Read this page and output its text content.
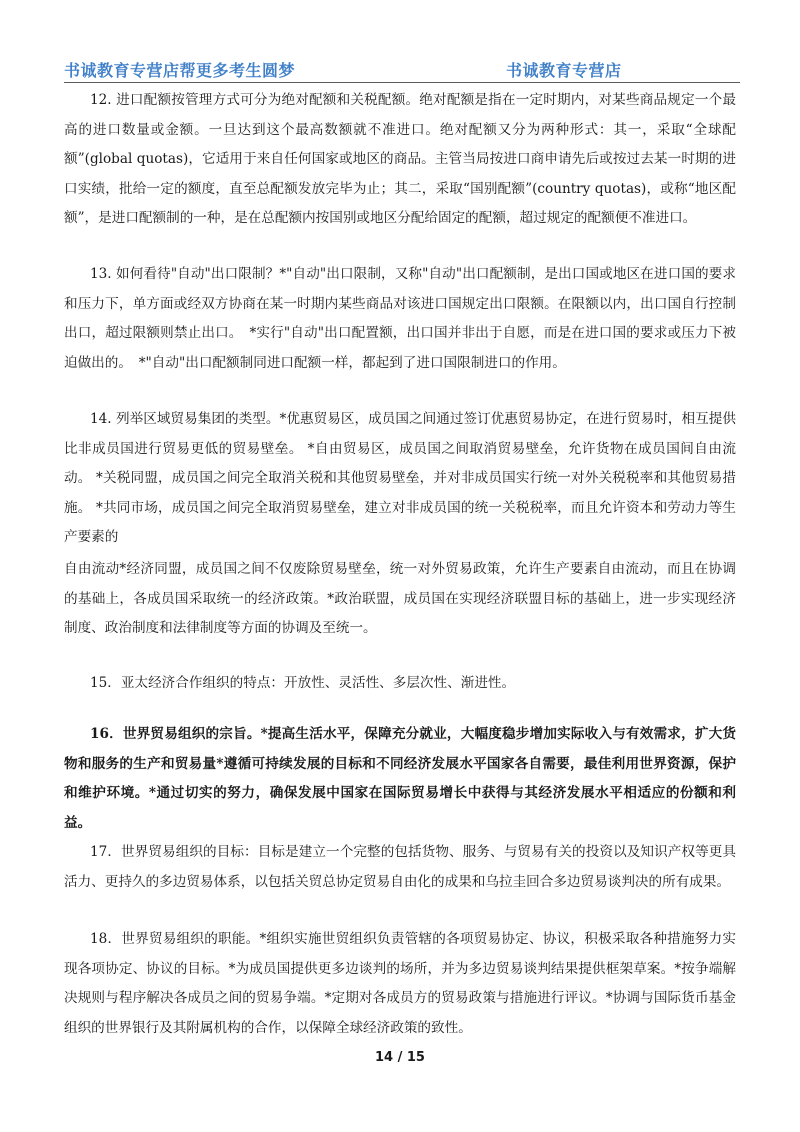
书诚教育专营店帮更多考生圆梦	书诚教育专营店

12. 进口配额按管理方式可分为绝对配额和关税配额。绝对配额是指在一定时期内，对某些商品规定一个最高的进口数量或金额。一旦达到这个最高数额就不准进口。绝对配额又分为两种形式：其一，采取“全球配额”(global quotas)，它适用于来自任何国家或地区的商品。主管当局按进口商申请先后或按过去某一时期的进口实绩，批给一定的额度，直至总配额发放完毕为止；其二，采取“国别配额”(country quotas)，或称“地区配额”，是进口配额制的一种，是在总配额内按国别或地区分配给固定的配额，超过规定的配额便不准进口。

13. 如何看待"自动"出口限制？*"自动"出口限制，又称"自动"出口配额制，是出口国或地区在进口国的要求和压力下，单方面或经双方协商在某一时期内某些商品对该进口国规定出口限额。在限额以内，出口国自行控制出口，超过限额则禁止出口。　*实行"自动"出口配置额，出口国并非出于自愿，而是在进口国的要求或压力下被迫做出的。　*"自动"出口配额制同进口配额一样，都起到了进口国限制进口的作用。

14. 列举区域贸易集团的类型。*优惠贸易区，成员国之间通过签订优惠贸易协定，在进行贸易时，相互提供比非成员国进行贸易更低的贸易壁垒。 *自由贸易区，成员国之间取消贸易壁垒，允许货物在成员国间自由流动。 *关税同盟，成员国之间完全取消关税和其他贸易壁垒，并对非成员国实行统一对外关税税率和其他贸易措施。 *共同市场，成员国之间完全取消贸易壁垒，建立对非成员国的统一关税税率，而且允许资本和劳动力等生产要素的

自由流动*经济同盟，成员国之间不仅废除贸易壁垒，统一对外贸易政策，允许生产要素自由流动，而且在协调的基础上，各成员国采取统一的经济政策。*政治联盟，成员国在实现经济联盟目标的基础上，进一步实现经济制度、政治制度和法律制度等方面的协调及至统一。

15．亚太经济合作组织的特点：开放性、灵活性、多层次性、渐进性。

16．世界贸易组织的宗旨。*提高生活水平，保障充分就业，大幅度稳步增加实际收入与有效需求，扩大货物和服务的生产和贸易量*遵循可持续发展的目标和不同经济发展水平国家各自需要，最佳利用世界资源，保护和维护环境。*通过切实的努力，确保发展中国家在国际贸易增长中获得与其经济发展水平相适应的份额和利益。

17．世界贸易组织的目标：目标是建立一个完整的包括货物、服务、与贸易有关的投资以及知识产权等更具活力、更持久的多边贸易体系，以包括关贸总协定贸易自由化的成果和乌拉圭回合多边贸易谈判决的所有成果。

18．世界贸易组织的职能。*组织实施世贸组织负责管辖的各项贸易协定、协议，积极采取各种措施努力实现各项协定、协议的目标。*为成员国提供更多边谈判的场所，并为多边贸易谈判结果提供框架草案。*按争端解决规则与程序解决各成员之间的贸易争端。*定期对各成员方的贸易政策与措施进行评议。*协调与国际货币基金组织的世界银行及其附属机构的合作，以保障全球经济政策的致性。

14 / 15
